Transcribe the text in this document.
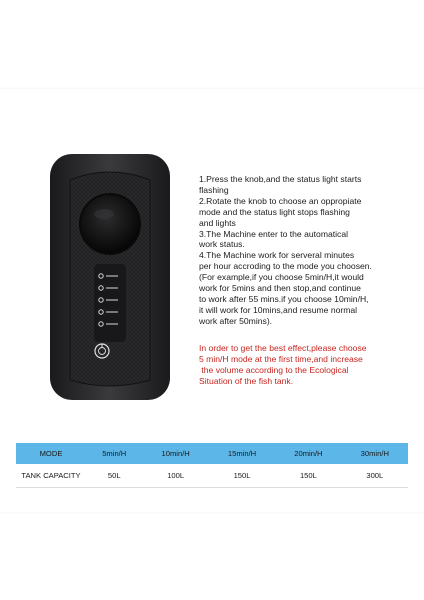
1.Press the knob,and the status light starts

flashing

2.Rotate the knob to choose an oppropiate

mode and the status light stops flashing

and lights

3.The Machine enter to the automatical

work status.

4.The Machine work for serveral minutes

per hour accroding to the mode you choosen.

(For example,if you choose 5min/H,it would

work for 5mins and then stop,and continue

to work after 55 mins.if you choose 10min/H,

it will work for 10mins,and resume normal

work after 50mins).

In order to get the best effect,please choose

5 min/H mode at the first time,and increase

the volume according to the Ecological

Situation of the fish tank.

MODE	5min/H	10min/H	15min/H	20min/H	30min/H
TANK CAPACITY	50L	100L	150L	150L	300L
